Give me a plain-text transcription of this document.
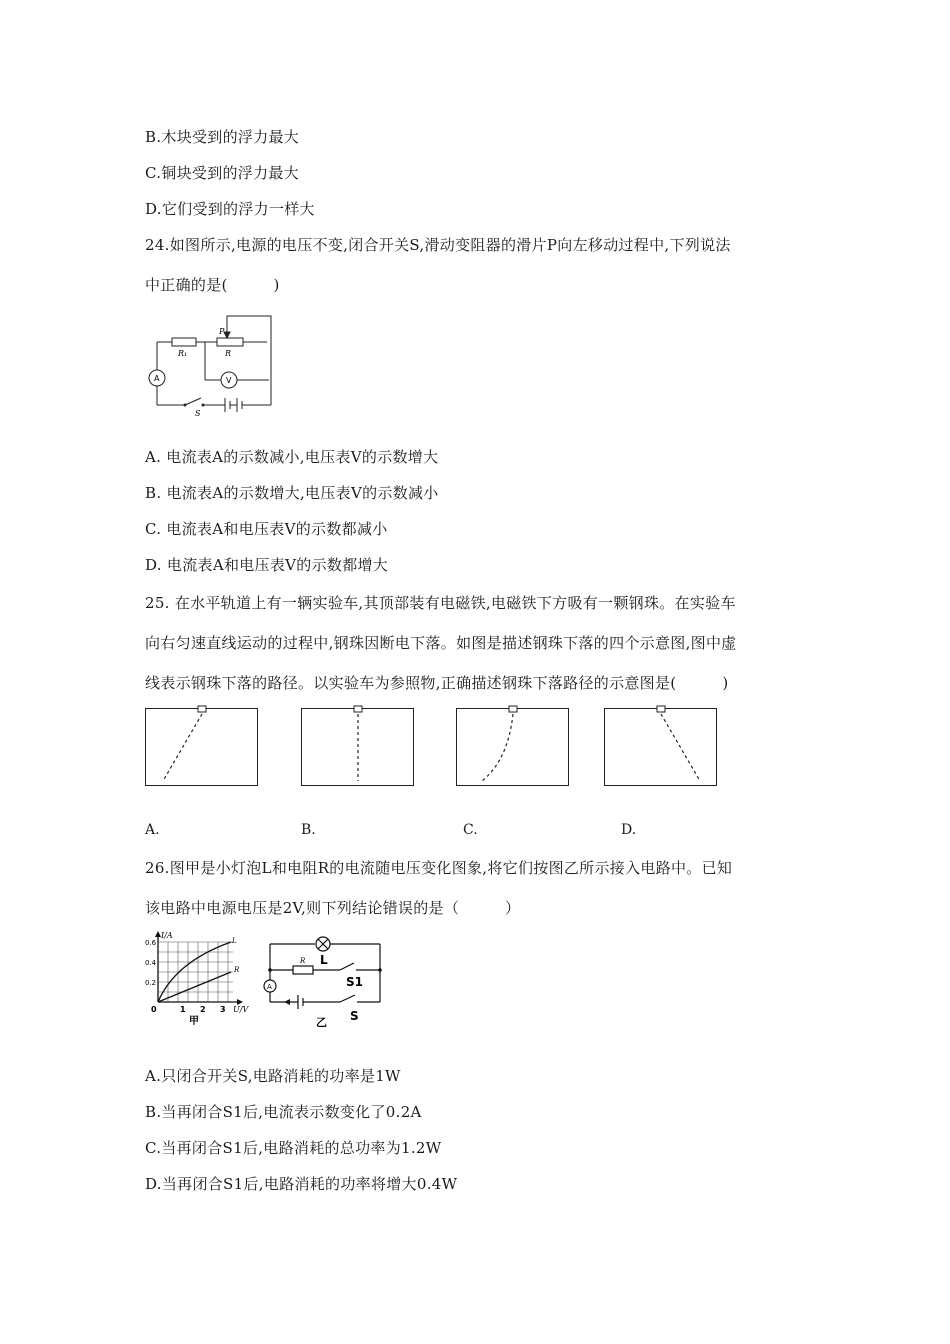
B.木块受到的浮力最大
C.铜块受到的浮力最大
D.它们受到的浮力一样大
24.如图所示,电源的电压不变,闭合开关S,滑动变阻器的滑片P向左移动过程中,下列说法
中正确的是(　　　)
R₁
P
R
A	V
S
A. 电流表A的示数减小,电压表V的示数增大
B. 电流表A的示数增大,电压表V的示数减小
C. 电流表A和电压表V的示数都减小
D. 电流表A和电压表V的示数都增大
25. 在水平轨道上有一辆实验车,其顶部装有电磁铁,电磁铁下方吸有一颗钢珠。在实验车
向右匀速直线运动的过程中,钢珠因断电下落。如图是描述钢珠下落的四个示意图,图中虚
线表示钢珠下落的路径。以实验车为参照物,正确描述钢珠下落路径的示意图是(　　　)
A.	B.	C.	D.
26.图甲是小灯泡L和电阻R的电流随电压变化图象,将它们按图乙所示接入电路中。已知
该电路中电源电压是2V,则下列结论错误的是（　　　）
I/A
0.6
0.4
0.2
0	1 2 3 U/V
L
R
甲
L
R
S1
S
A
乙
A.只闭合开关S,电路消耗的功率是1W
B.当再闭合S1后,电流表示数变化了0.2A
C.当再闭合S1后,电路消耗的总功率为1.2W
D.当再闭合S1后,电路消耗的功率将增大0.4W
